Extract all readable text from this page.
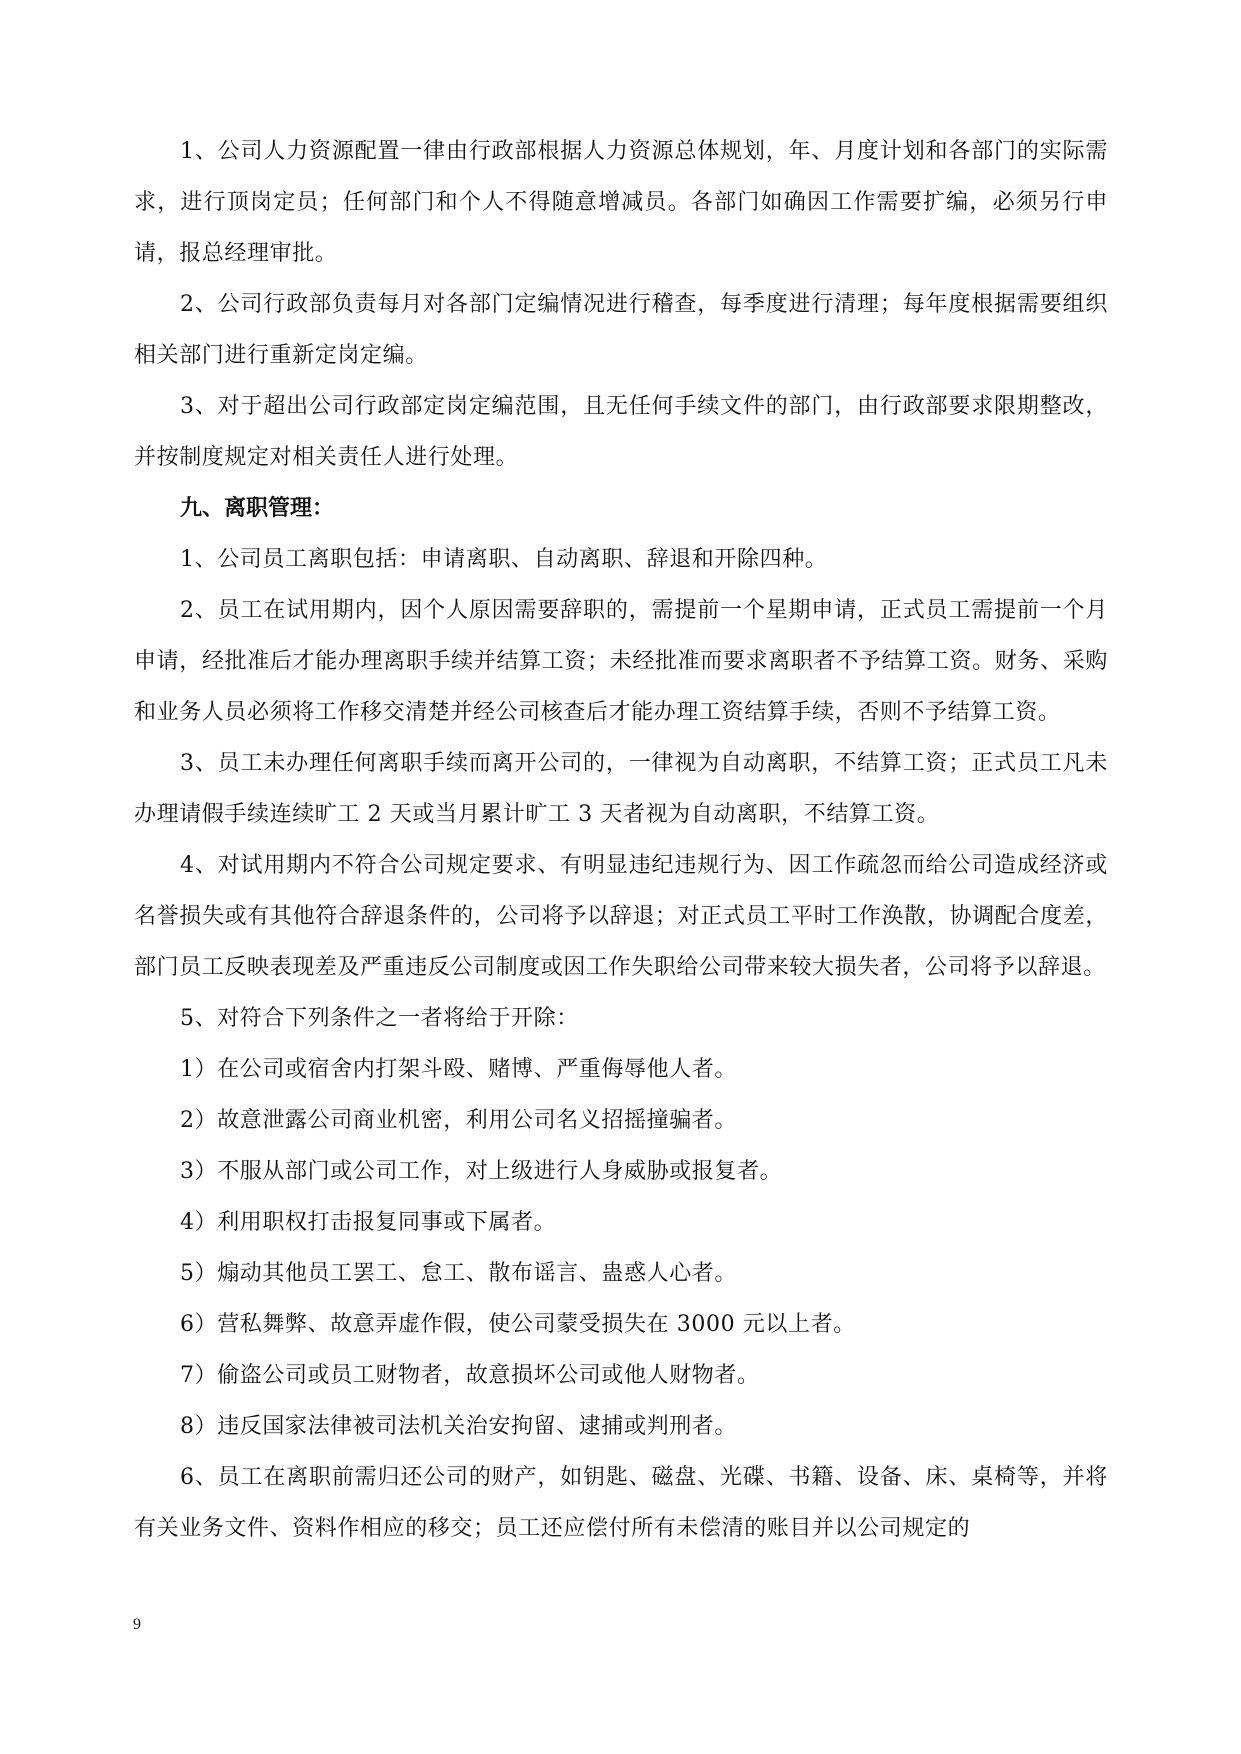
1、公司人力资源配置一律由行政部根据人力资源总体规划，年、月度计划和各部门的实际需求，进行顶岗定员；任何部门和个人不得随意增减员。各部门如确因工作需要扩编，必须另行申请，报总经理审批。

2、公司行政部负责每月对各部门定编情况进行稽查，每季度进行清理；每年度根据需要组织相关部门进行重新定岗定编。

3、对于超出公司行政部定岗定编范围，且无任何手续文件的部门，由行政部要求限期整改，并按制度规定对相关责任人进行处理。

九、离职管理：

1、公司员工离职包括：申请离职、自动离职、辞退和开除四种。

2、员工在试用期内，因个人原因需要辞职的，需提前一个星期申请，正式员工需提前一个月申请，经批准后才能办理离职手续并结算工资；未经批准而要求离职者不予结算工资。财务、采购和业务人员必须将工作移交清楚并经公司核查后才能办理工资结算手续，否则不予结算工资。

3、员工未办理任何离职手续而离开公司的，一律视为自动离职，不结算工资；正式员工凡未办理请假手续连续旷工 2 天或当月累计旷工 3 天者视为自动离职，不结算工资。

4、对试用期内不符合公司规定要求、有明显违纪违规行为、因工作疏忽而给公司造成经济或名誉损失或有其他符合辞退条件的，公司将予以辞退；对正式员工平时工作涣散，协调配合度差，部门员工反映表现差及严重违反公司制度或因工作失职给公司带来较大损失者，公司将予以辞退。

5、对符合下列条件之一者将给于开除：

1）在公司或宿舍内打架斗殴、赌博、严重侮辱他人者。

2）故意泄露公司商业机密，利用公司名义招摇撞骗者。

3）不服从部门或公司工作，对上级进行人身威胁或报复者。

4）利用职权打击报复同事或下属者。

5）煽动其他员工罢工、怠工、散布谣言、蛊惑人心者。

6）营私舞弊、故意弄虚作假，使公司蒙受损失在 3000 元以上者。

7）偷盗公司或员工财物者，故意损坏公司或他人财物者。

8）违反国家法律被司法机关治安拘留、逮捕或判刑者。

6、员工在离职前需归还公司的财产，如钥匙、磁盘、光碟、书籍、设备、床、桌椅等，并将有关业务文件、资料作相应的移交；员工还应偿付所有未偿清的账目并以公司规定的

9
